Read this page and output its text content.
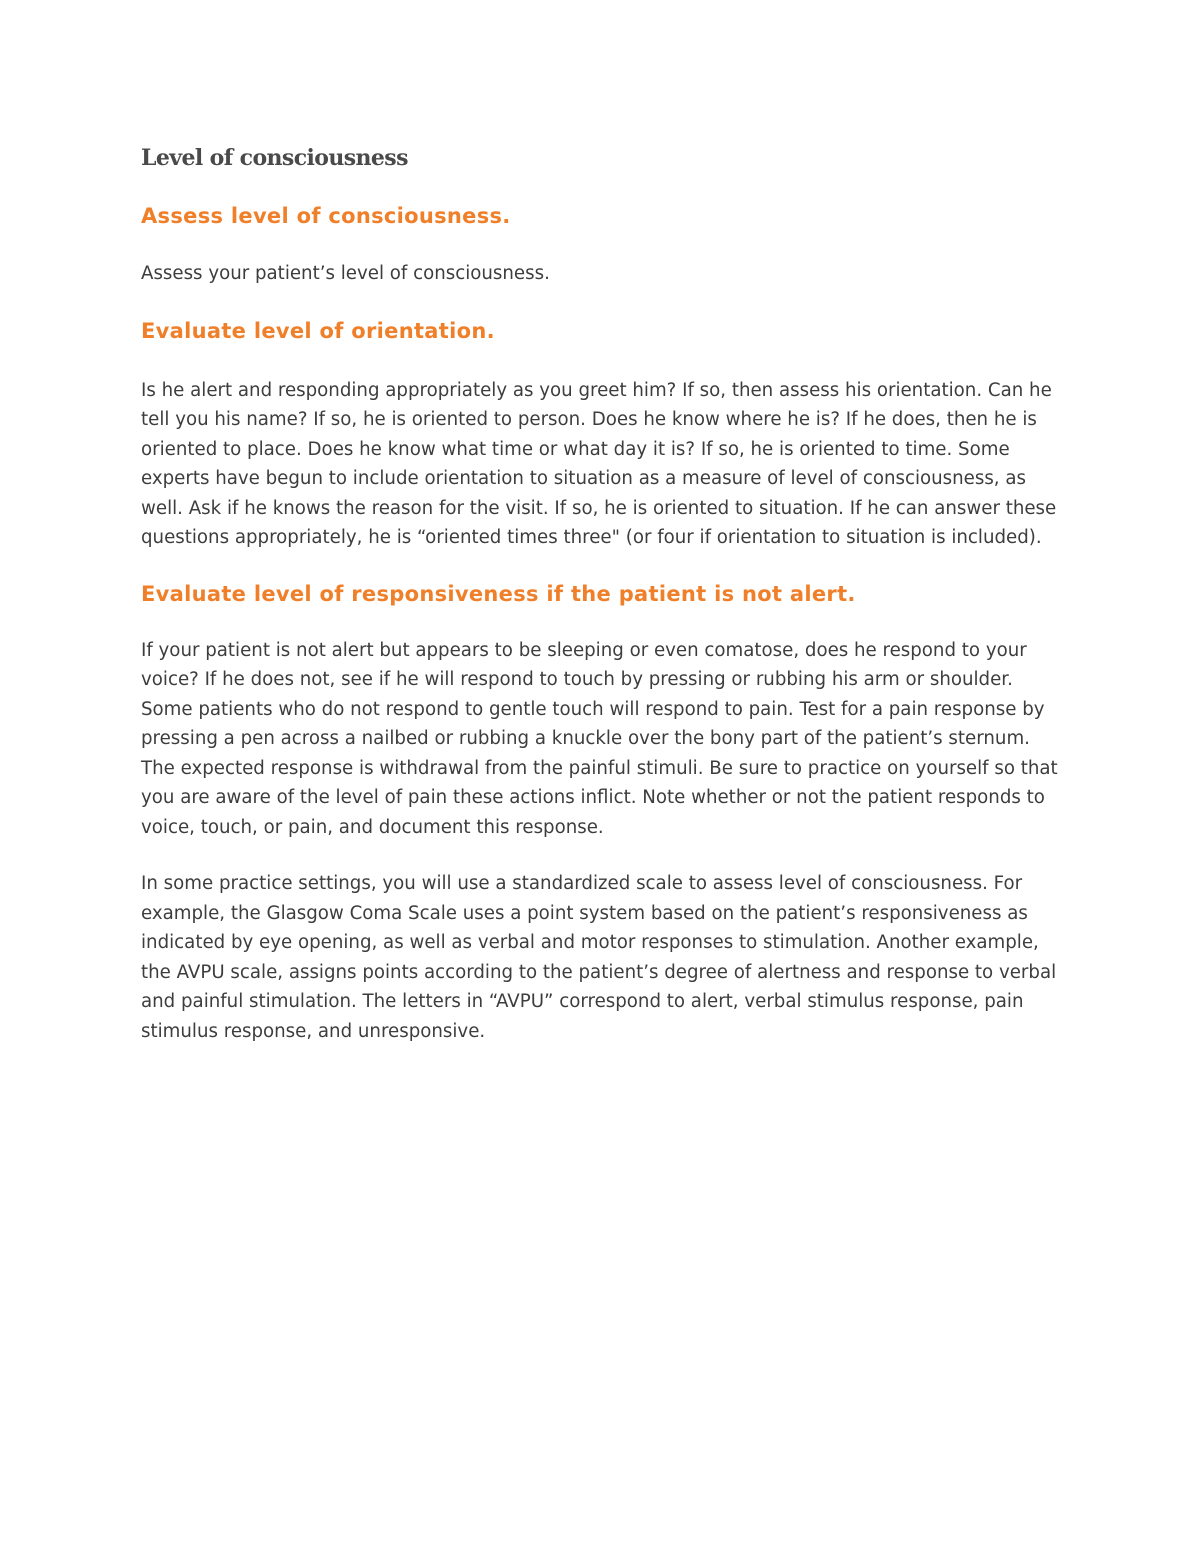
Level of consciousness
Assess level of consciousness.

Assess your patient’s level of consciousness.

Evaluate level of orientation.

Is he alert and responding appropriately as you greet him? If so, then assess his orientation. Can he tell you his name? If so, he is oriented to person. Does he know where he is? If he does, then he is oriented to place. Does he know what time or what day it is? If so, he is oriented to time. Some experts have begun to include orientation to situation as a measure of level of consciousness, as well. Ask if he knows the reason for the visit. If so, he is oriented to situation. If he can answer these questions appropriately, he is “oriented times three" (or four if orientation to situation is included).

Evaluate level of responsiveness if the patient is not alert.

If your patient is not alert but appears to be sleeping or even comatose, does he respond to your voice? If he does not, see if he will respond to touch by pressing or rubbing his arm or shoulder. Some patients who do not respond to gentle touch will respond to pain. Test for a pain response by pressing a pen across a nailbed or rubbing a knuckle over the bony part of the patient’s sternum. The expected response is withdrawal from the painful stimuli. Be sure to practice on yourself so that you are aware of the level of pain these actions inflict. Note whether or not the patient responds to voice, touch, or pain, and document this response.

In some practice settings, you will use a standardized scale to assess level of consciousness. For example, the Glasgow Coma Scale uses a point system based on the patient’s responsiveness as indicated by eye opening, as well as verbal and motor responses to stimulation. Another example, the AVPU scale, assigns points according to the patient’s degree of alertness and response to verbal and painful stimulation. The letters in “AVPU” correspond to alert, verbal stimulus response, pain stimulus response, and unresponsive.
